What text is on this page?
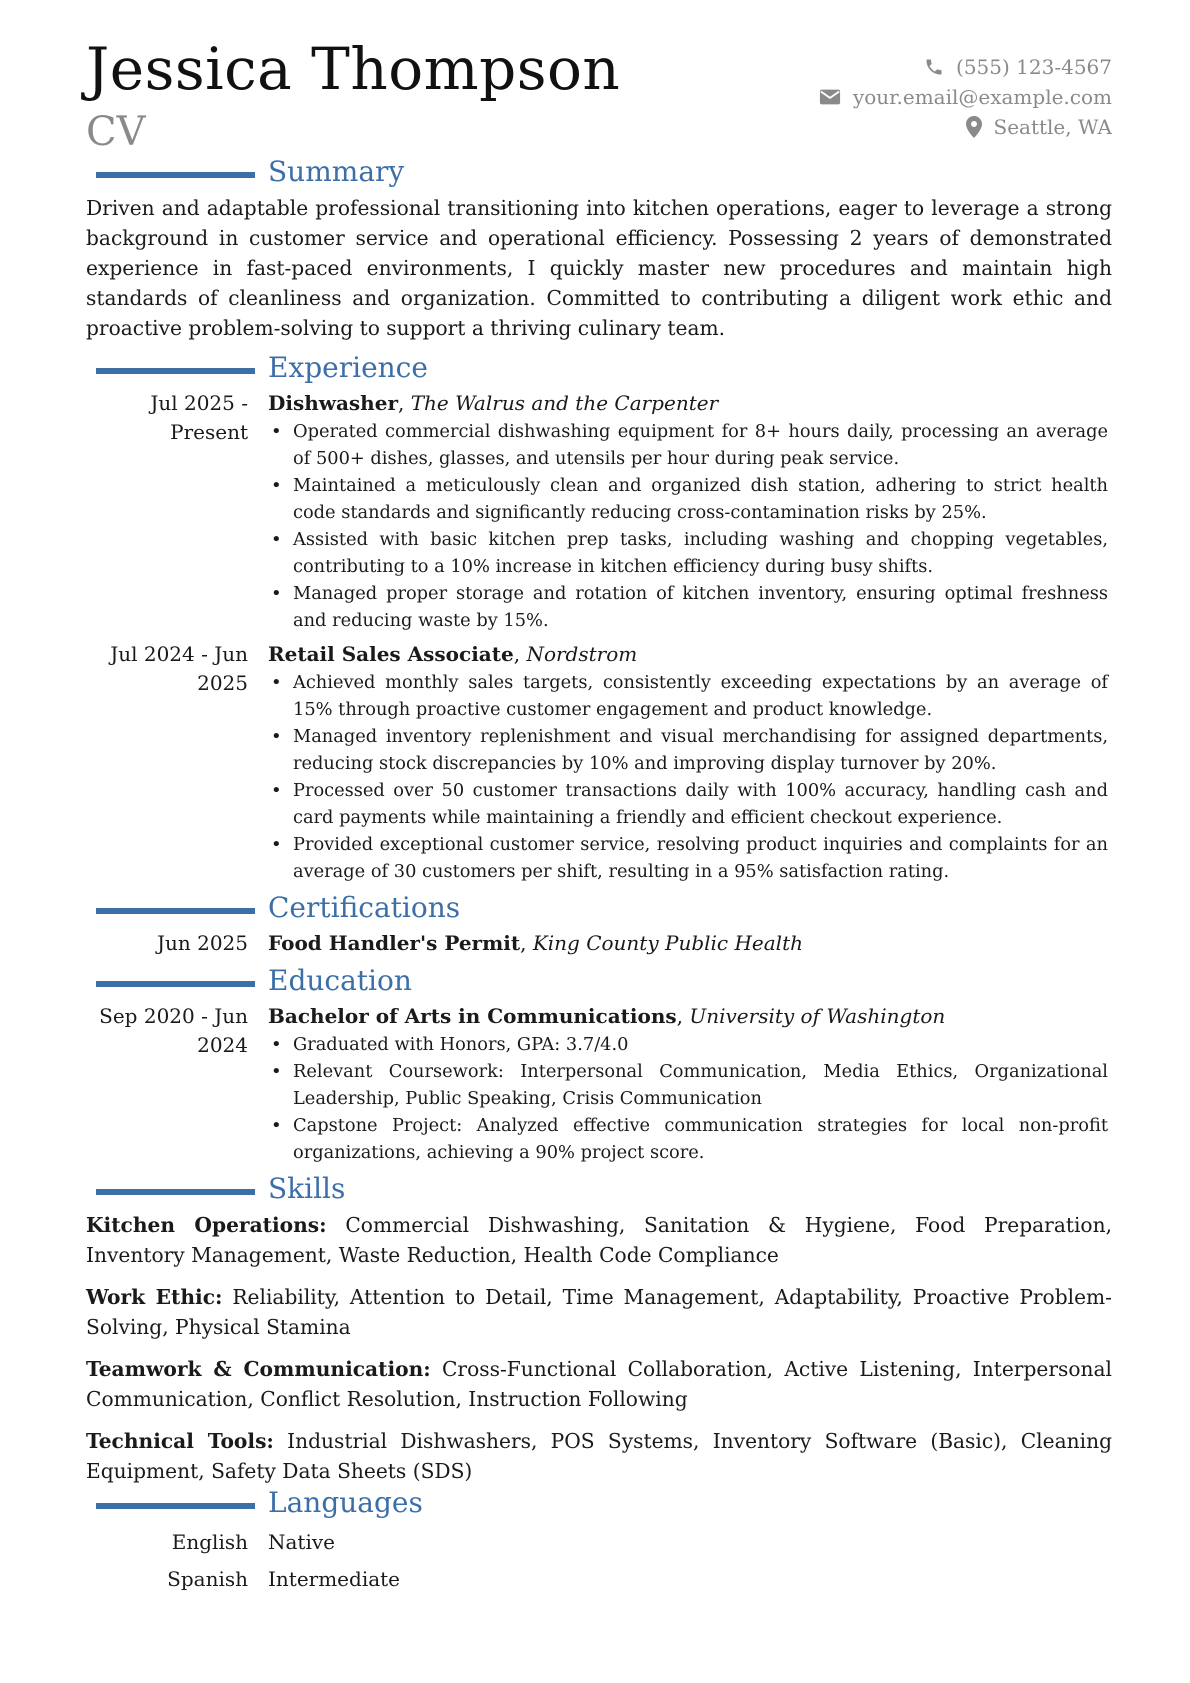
Jessica Thompson
CV
(555) 123-4567
your.email@example.com
Seattle, WA
Summary

Driven and adaptable professional transitioning into kitchen operations, eager to leverage a strong background in customer service and operational efficiency. Possessing 2 years of demonstrated experience in fast-paced environments, I quickly master new procedures and maintain high standards of cleanliness and organization. Committed to contributing a diligent work ethic and proactive problem-solving to support a thriving culinary team.

Experience
Jul 2025 - Present
Dishwasher, The Walrus and the Carpenter
• Operated commercial dishwashing equipment for 8+ hours daily, processing an average of 500+ dishes, glasses, and utensils per hour during peak service.
• Maintained a meticulously clean and organized dish station, adhering to strict health code standards and significantly reducing cross-contamination risks by 25%.
• Assisted with basic kitchen prep tasks, including washing and chopping vegetables, contributing to a 10% increase in kitchen efficiency during busy shifts.
• Managed proper storage and rotation of kitchen inventory, ensuring optimal freshness and reducing waste by 15%.
Jul 2024 - Jun 2025
Retail Sales Associate, Nordstrom
• Achieved monthly sales targets, consistently exceeding expectations by an average of 15% through proactive customer engagement and product knowledge.
• Managed inventory replenishment and visual merchandising for assigned departments, reducing stock discrepancies by 10% and improving display turnover by 20%.
• Processed over 50 customer transactions daily with 100% accuracy, handling cash and card payments while maintaining a friendly and efficient checkout experience.
• Provided exceptional customer service, resolving product inquiries and complaints for an average of 30 customers per shift, resulting in a 95% satisfaction rating.
Certifications
Jun 2025	Food Handler's Permit, King County Public Health
Education
Sep 2020 - Jun 2024
Bachelor of Arts in Communications, University of Washington
• Graduated with Honors, GPA: 3.7/4.0
• Relevant Coursework: Interpersonal Communication, Media Ethics, Organizational Leadership, Public Speaking, Crisis Communication
• Capstone Project: Analyzed effective communication strategies for local non-profit organizations, achieving a 90% project score.
Skills

Kitchen Operations: Commercial Dishwashing, Sanitation & Hygiene, Food Preparation, Inventory Management, Waste Reduction, Health Code Compliance

Work Ethic: Reliability, Attention to Detail, Time Management, Adaptability, Proactive Problem-Solving, Physical Stamina

Teamwork & Communication: Cross-Functional Collaboration, Active Listening, Interpersonal Communication, Conflict Resolution, Instruction Following

Technical Tools: Industrial Dishwashers, POS Systems, Inventory Software (Basic), Cleaning Equipment, Safety Data Sheets (SDS)

Languages
English	Native
Spanish	Intermediate
